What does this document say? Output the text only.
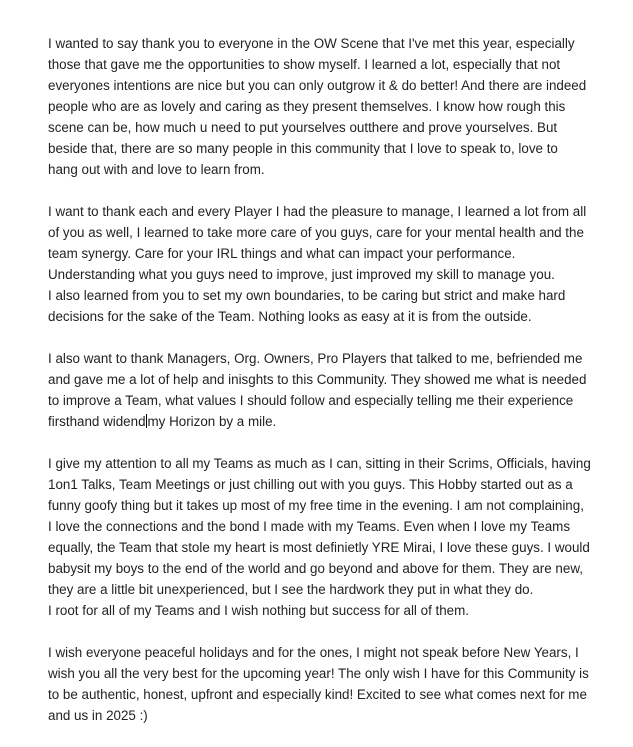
I wanted to say thank you to everyone in the OW Scene that I've met this year, especially
those that gave me the opportunities to show myself. I learned a lot, especially that not
everyones intentions are nice but you can only outgrow it & do better! And there are indeed
people who are as lovely and caring as they present themselves. I know how rough this
scene can be, how much u need to put yourselves outthere and prove yourselves. But
beside that, there are so many people in this community that I love to speak to, love to
hang out with and love to learn from.

I want to thank each and every Player I had the pleasure to manage, I learned a lot from all
of you as well, I learned to take more care of you guys, care for your mental health and the
team synergy. Care for your IRL things and what can impact your performance.
Understanding what you guys need to improve, just improved my skill to manage you.
I also learned from you to set my own boundaries, to be caring but strict and make hard
decisions for the sake of the Team. Nothing looks as easy at it is from the outside.

I also want to thank Managers, Org. Owners, Pro Players that talked to me, befriended me
and gave me a lot of help and inisghts to this Community. They showed me what is needed
to improve a Team, what values I should follow and especially telling me their experience
firsthand widend my Horizon by a mile.

I give my attention to all my Teams as much as I can, sitting in their Scrims, Officials, having
1on1 Talks, Team Meetings or just chilling out with you guys. This Hobby started out as a
funny goofy thing but it takes up most of my free time in the evening. I am not complaining,
I love the connections and the bond I made with my Teams. Even when I love my Teams
equally, the Team that stole my heart is most definietly YRE Mirai, I love these guys. I would
babysit my boys to the end of the world and go beyond and above for them. They are new,
they are a little bit unexperienced, but I see the hardwork they put in what they do.
I root for all of my Teams and I wish nothing but success for all of them.

I wish everyone peaceful holidays and for the ones, I might not speak before New Years, I
wish you all the very best for the upcoming year! The only wish I have for this Community is
to be authentic, honest, upfront and especially kind! Excited to see what comes next for me
and us in 2025 :)
